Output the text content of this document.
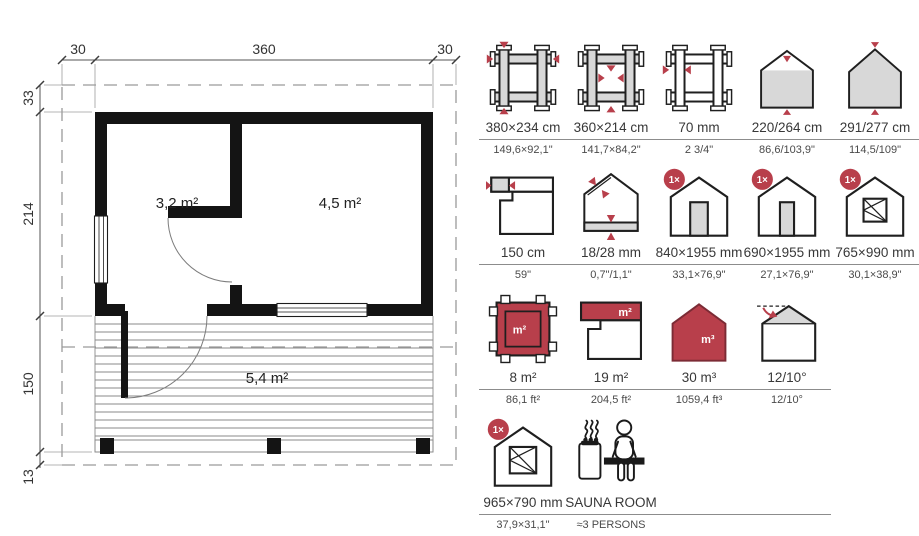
30	360	30
33
214
150
13
3,2 m²	4,5 m²
5,4 m²
380×234 cm
149,6×92,1"
360×214 cm
141,7×84,2"
70 mm
2 3/4"
220/264 cm
86,6/103,9"
291/277 cm
114,5/109"
150 cm
59"
18/28 mm
0,7"/1,1"
1×
840×1955 mm
33,1×76,9"
1×
690×1955 mm
27,1×76,9"
1×
765×990 mm
30,1×38,9"
m²
8 m²
86,1 ft²
m²
19 m²
204,5 ft²
m³
30 m³
1059,4 ft³
12/10°
12/10°
1×
965×790 mm
37,9×31,1"
SAUNA ROOM
≈3 PERSONS
